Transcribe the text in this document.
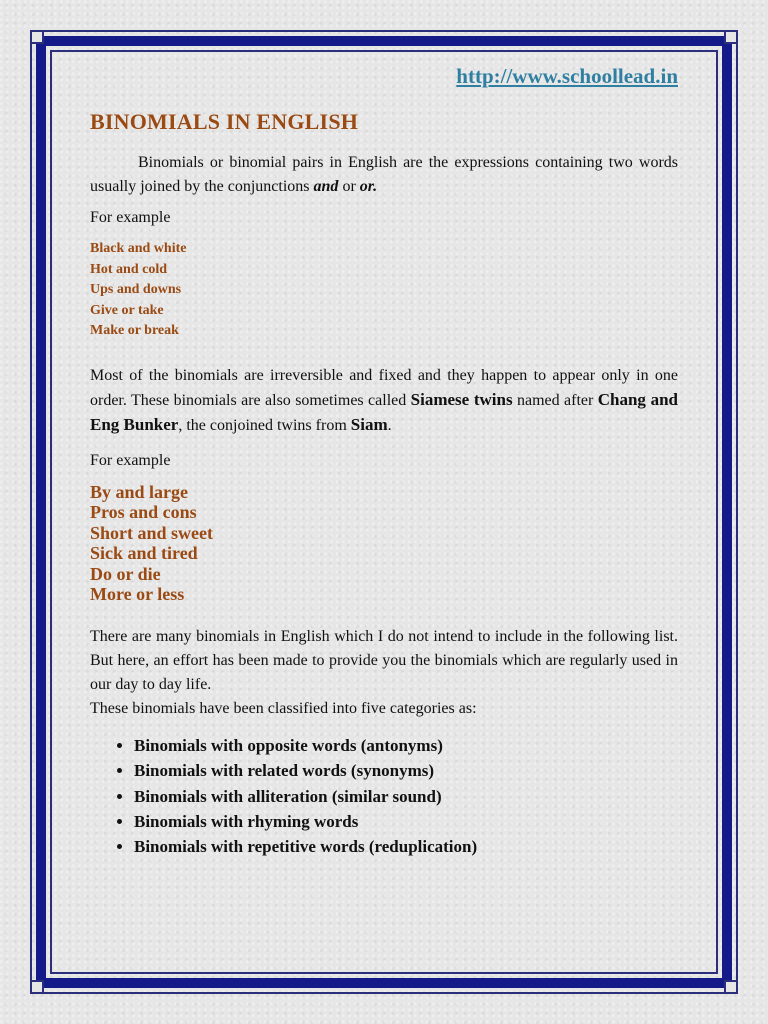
http://www.schoollead.in
BINOMIALS IN ENGLISH

Binomials or binomial pairs in English are the expressions containing two words usually joined by the conjunctions and or or.

For example

Black and white
Hot and cold
Ups and downs
Give or take
Make or break

Most of the binomials are irreversible and fixed and they happen to appear only in one order. These binomials are also sometimes called Siamese twins named after Chang and Eng Bunker, the conjoined twins from Siam.

For example

By and large
Pros and cons
Short and sweet
Sick and tired
Do or die
More or less

There are many binomials in English which I do not intend to include in the following list. But here, an effort has been made to provide you the binomials which are regularly used in our day to day life.
These binomials have been classified into five categories as:

• Binomials with opposite words (antonyms)
• Binomials with related words (synonyms)
• Binomials with alliteration (similar sound)
• Binomials with rhyming words
• Binomials with repetitive words (reduplication)
